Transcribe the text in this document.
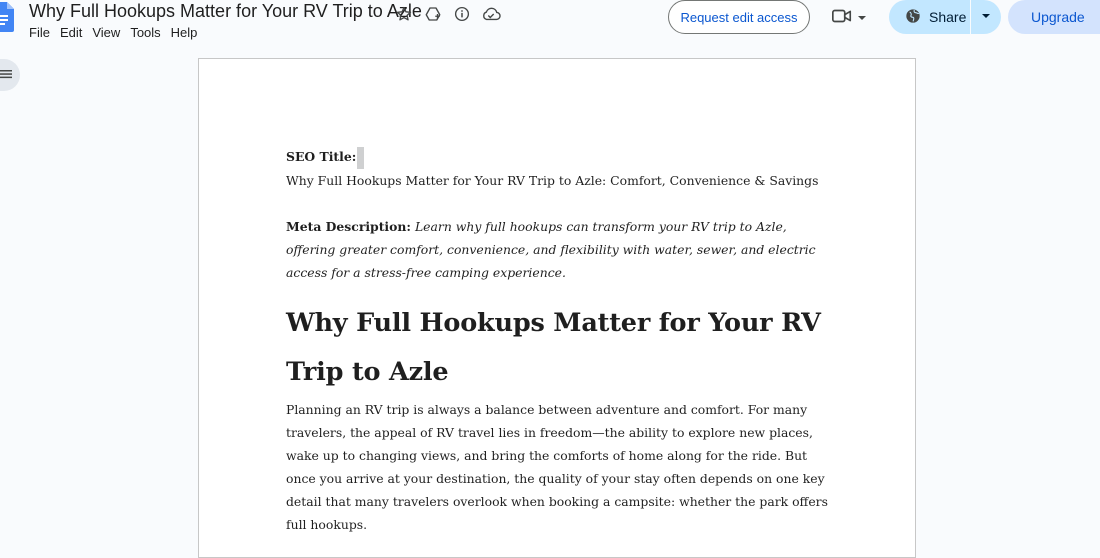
Why Full Hookups Matter for Your RV Trip to Azle
File Edit View Tools Help
Request edit access	Share	Upgrade

SEO Title:

Why Full Hookups Matter for Your RV Trip to Azle: Comfort, Convenience & Savings

Meta Description: Learn why full hookups can transform your RV trip to Azle, offering greater comfort, convenience, and flexibility with water, sewer, and electric access for a stress-free camping experience.

Why Full Hookups Matter for Your RV Trip to Azle

Planning an RV trip is always a balance between adventure and comfort. For many travelers, the appeal of RV travel lies in freedom—the ability to explore new places, wake up to changing views, and bring the comforts of home along for the ride. But once you arrive at your destination, the quality of your stay often depends on one key detail that many travelers overlook when booking a campsite: whether the park offers full hookups.
